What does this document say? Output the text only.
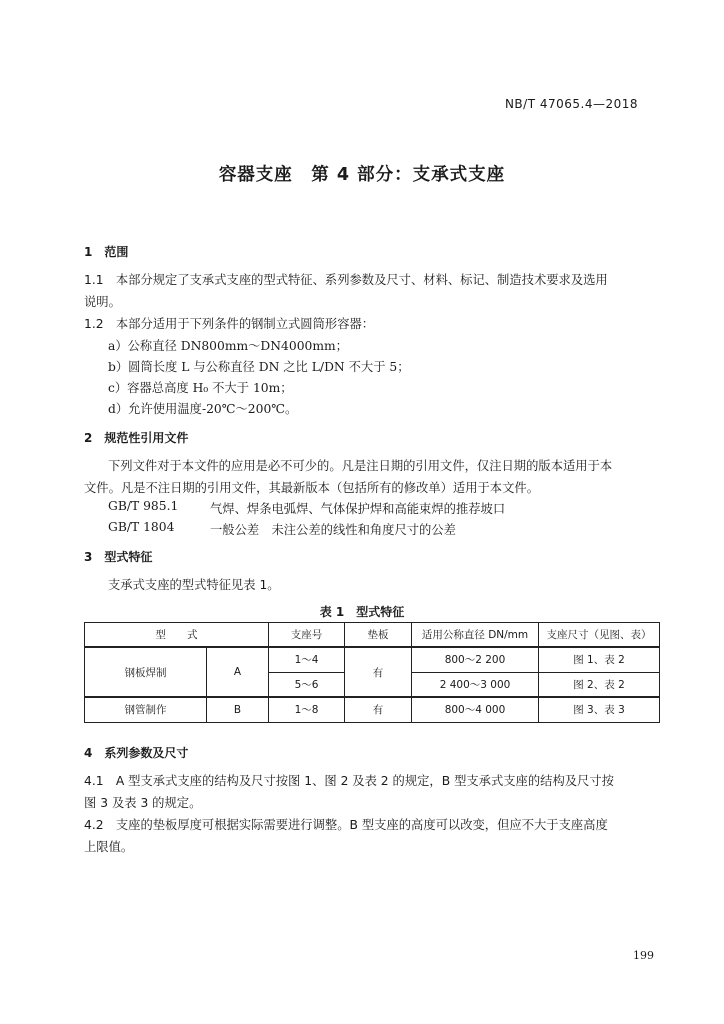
NB/T 47065.4—2018
容器支座　第 4 部分：支承式支座
1　范围
1.1　本部分规定了支承式支座的型式特征、系列参数及尺寸、材料、标记、制造技术要求及选用
说明。
1.2　本部分适用于下列条件的钢制立式圆筒形容器：
a）公称直径 DN800mm～DN4000mm；
b）圆筒长度 L 与公称直径 DN 之比 L/DN 不大于 5；
c）容器总高度 H₀ 不大于 10m；
d）允许使用温度-20℃～200℃。
2　规范性引用文件
下列文件对于本文件的应用是必不可少的。凡是注日期的引用文件，仅注日期的版本适用于本
文件。凡是不注日期的引用文件，其最新版本（包括所有的修改单）适用于本文件。
GB/T 985.1	气焊、焊条电弧焊、气体保护焊和高能束焊的推荐坡口
GB/T 1804	一般公差　未注公差的线性和角度尺寸的公差
3　型式特征
支承式支座的型式特征见表 1。
表 1　型式特征
型　　式		支座号	垫板	适用公称直径 DN/mm	支座尺寸（见图、表）
钢板焊制	A	1～4	有	800～2 200	图 1、表 2
		5～6		2 400～3 000	图 2、表 2
钢管制作	B	1～8	有	800～4 000	图 3、表 3
4　系列参数及尺寸
4.1　A 型支承式支座的结构及尺寸按图 1、图 2 及表 2 的规定，B 型支承式支座的结构及尺寸按
图 3 及表 3 的规定。
4.2　支座的垫板厚度可根据实际需要进行调整。B 型支座的高度可以改变，但应不大于支座高度
上限值。
199
